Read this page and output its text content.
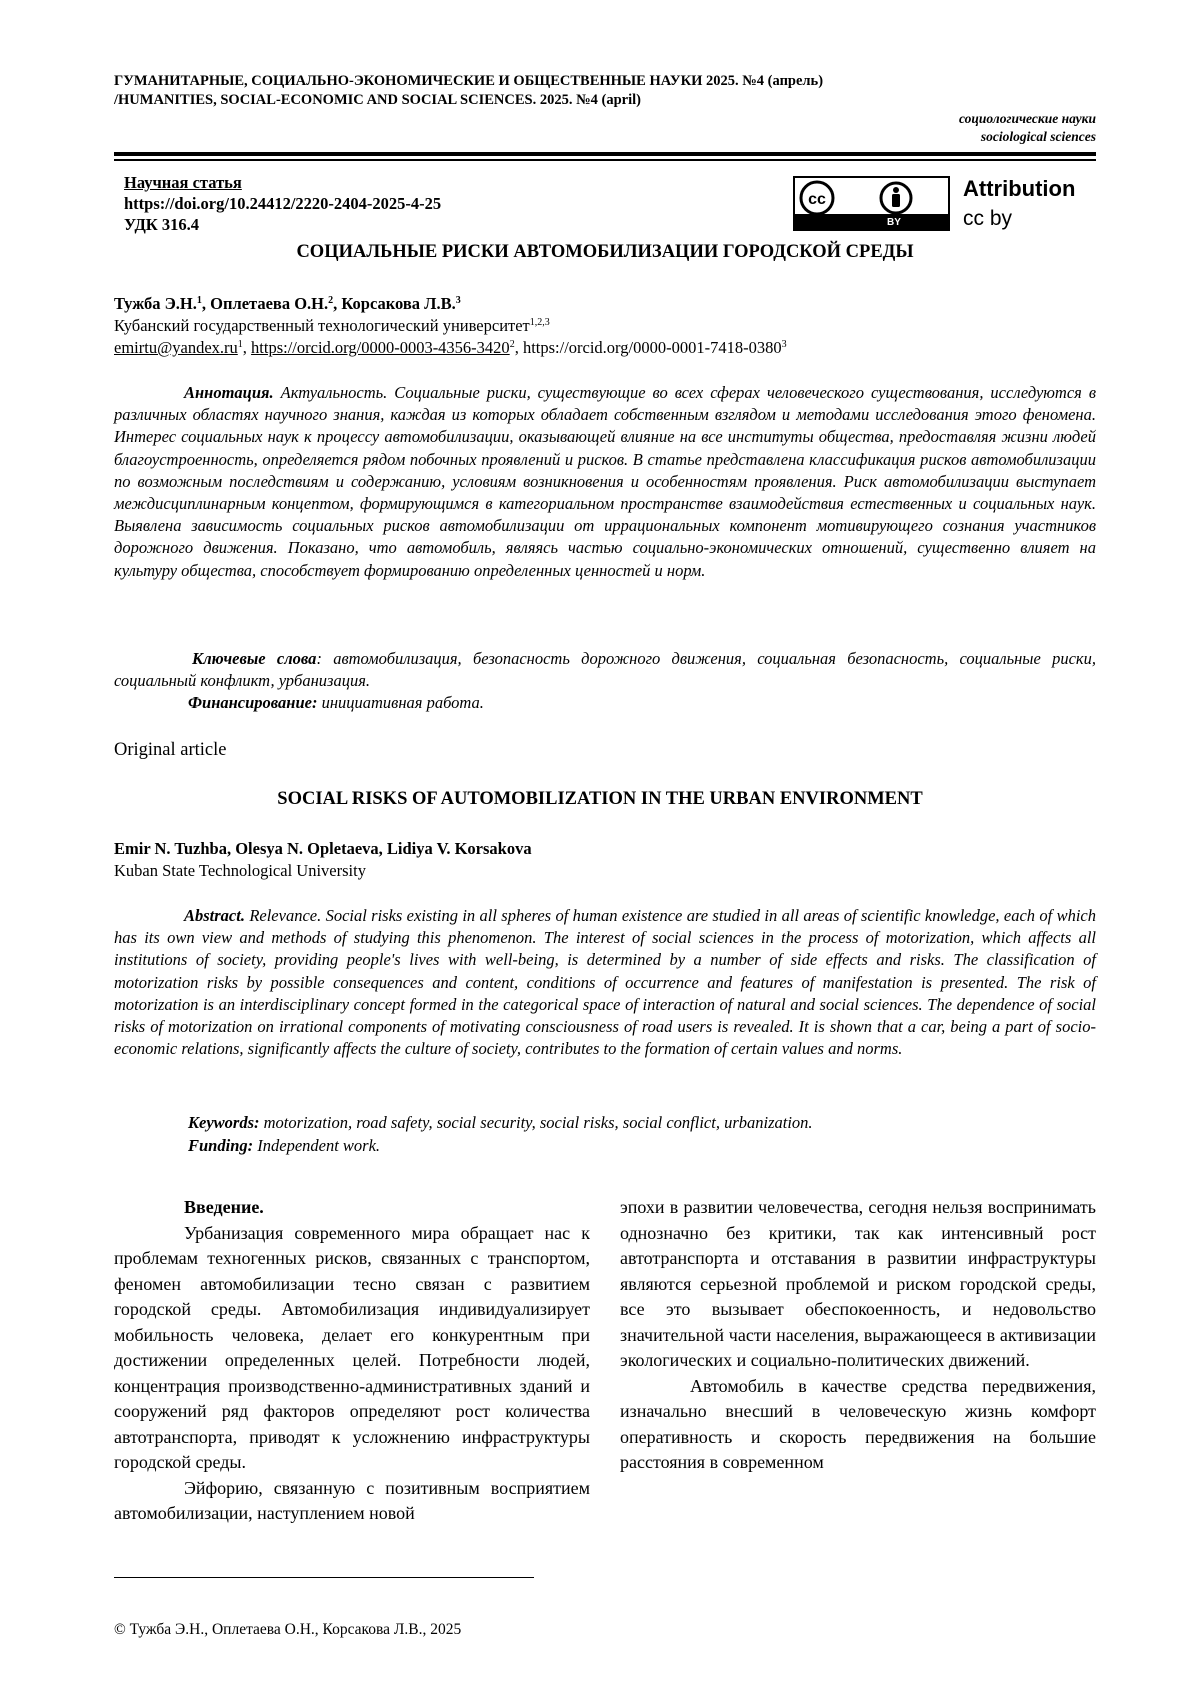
ГУМАНИТАРНЫЕ, СОЦИАЛЬНО-ЭКОНОМИЧЕСКИЕ И ОБЩЕСТВЕННЫЕ НАУКИ 2025. №4 (апрель)
/HUMANITIES, SOCIAL-ECONOMIC AND SOCIAL SCIENCES. 2025. №4 (april)
социологические науки
sociological sciences
Научная статья
https://doi.org/10.24412/2220-2404-2025-4-25
УДК 316.4
cc
BY
Attribution
cc by
СОЦИАЛЬНЫЕ РИСКИ АВТОМОБИЛИЗАЦИИ ГОРОДСКОЙ СРЕДЫ
Тужба Э.Н.$^1$, Оплетаева О.Н.$^2$, Корсакова Л.В.$^3$
Кубанский государственный технологический университет$^{1,2,3}$
$emirtu@yandex.ru^1$, https://orcid.org/0000-0003-4356-3420$^2$, https://orcid.org/0000-0001-7418-0380$^3$
Аннотация. Актуальность. Социальные риски, существующие во всех сферах человеческого существования, исследуются в различных областях научного знания, каждая из которых обладает собственным взглядом и методами исследования этого феномена. Интерес социальных наук к процессу автомобилизации, оказывающей влияние на все институты общества, предоставляя жизни людей благоустроенность, определяется рядом побочных проявлений и рисков. В статье представлена классификация рисков автомобилизации по возможным последствиям и содержанию, условиям возникновения и особенностям проявления. Риск автомобилизации выступает междисциплинарным концептом, формирующимся в категориальном пространстве взаимодействия естественных и социальных наук. Выявлена зависимость социальных рисков автомобилизации от иррациональных компонент мотивирующего сознания участников дорожного движения. Показано, что автомобиль, являясь частью социально-экономических отношений, существенно влияет на культуру общества, способствует формированию определенных ценностей и норм.
Ключевые слова: автомобилизация, безопасность дорожного движения, социальная безопасность, социальные риски, социальный конфликт, урбанизация.
Финансирование: инициативная работа.
Original article
SOCIAL RISKS OF AUTOMOBILIZATION IN THE URBAN ENVIRONMENT
Emir N. Tuzhba, Olesya N. Opletaeva, Lidiya V. Korsakova
Kuban State Technological University
Abstract. Relevance. Social risks existing in all spheres of human existence are studied in all areas of scientific knowledge, each of which has its own view and methods of studying this phenomenon. The interest of social sciences in the process of motorization, which affects all institutions of society, providing people's lives with well-being, is determined by a number of side effects and risks. The classification of motorization risks by possible consequences and content, conditions of occurrence and features of manifestation is presented. The risk of motorization is an interdisciplinary concept formed in the categorical space of interaction of natural and social sciences. The dependence of social risks of motorization on irrational components of motivating consciousness of road users is revealed. It is shown that a car, being a part of socio-economic relations, significantly affects the culture of society, contributes to the formation of certain values and norms.
Keywords: motorization, road safety, social security, social risks, social conflict, urbanization.
Funding: Independent work.
Введение.

Урбанизация современного мира обращает нас к проблемам техногенных рисков, связанных с транспортом, феномен автомобилизации тесно связан с развитием городской среды. Автомобилизация индивидуализирует мобильность человека, делает его конкурентным при достижении определенных целей. Потребности людей, концентрация производственно-административных зданий и сооружений ряд факторов определяют рост количества автотранспорта, приводят к усложнению инфраструктуры городской среды.

Эйфорию, связанную с позитивным восприятием автомобилизации, наступлением новой

эпохи в развитии человечества, сегодня нельзя воспринимать однозначно без критики, так как интенсивный рост автотранспорта и отставания в развитии инфраструктуры являются серьезной проблемой и риском городской среды, все это вызывает обеспокоенность, и недовольство значительной части населения, выражающееся в активизации экологических и социально-политических движений.

Автомобиль в качестве средства передвижения, изначально внесший в человеческую жизнь комфорт оперативность и скорость передвижения на большие расстояния в современном

© Тужба Э.Н., Оплетаева О.Н., Корсакова Л.В., 2025
